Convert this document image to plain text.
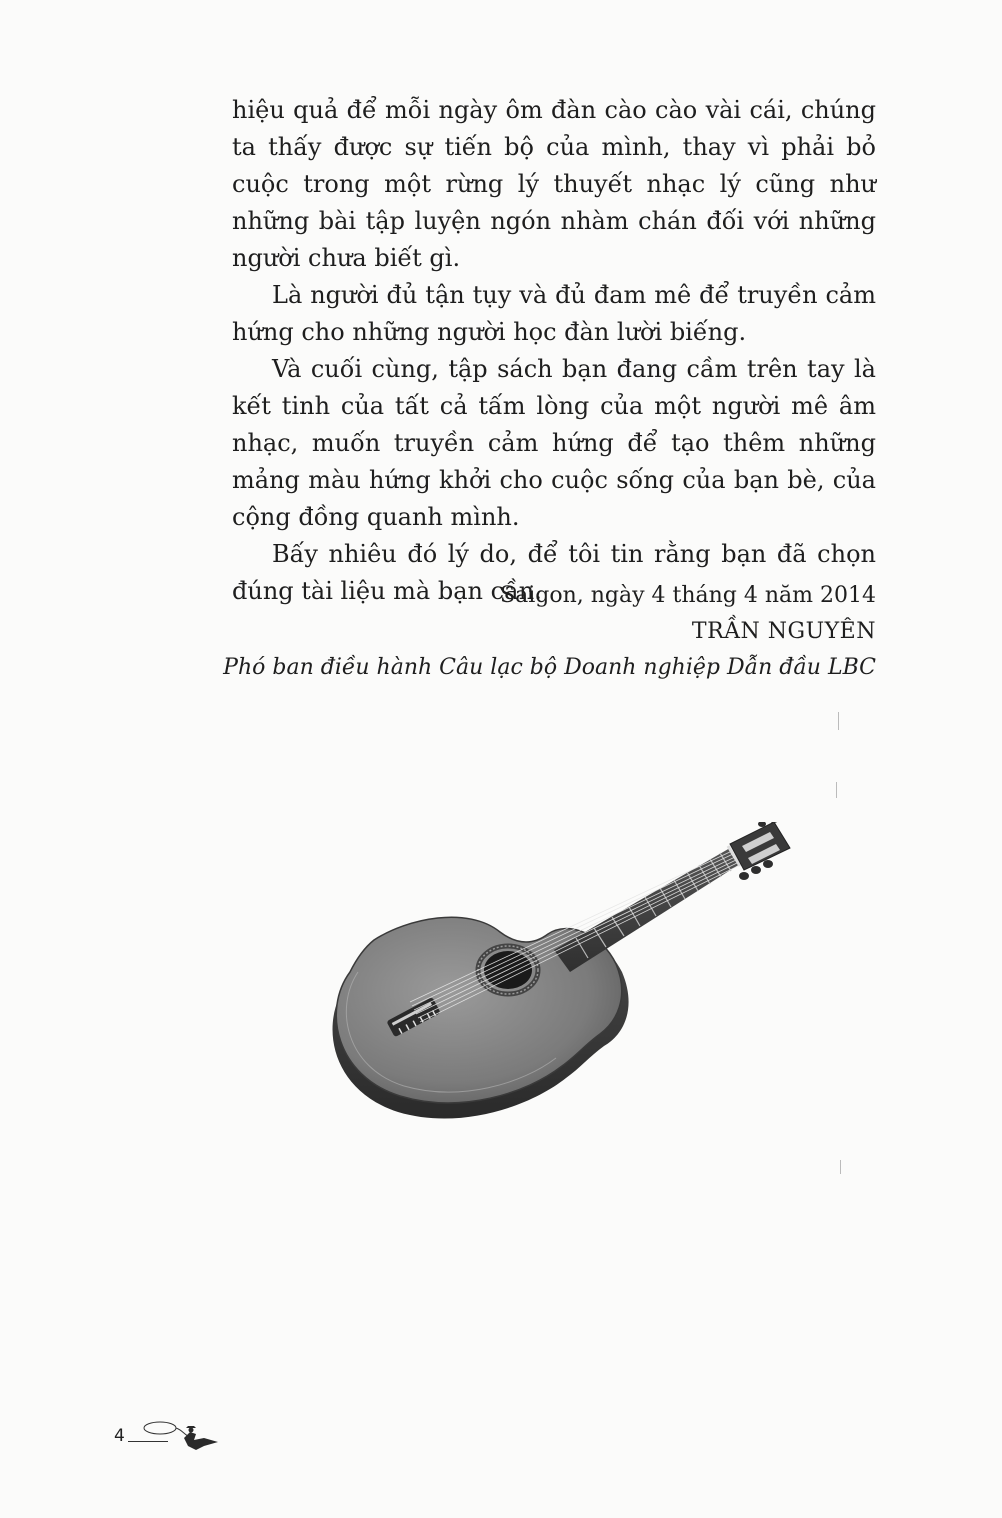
hiệu quả để mỗi ngày ôm đàn cào cào vài cái, chúng ta thấy được sự tiến bộ của mình, thay vì phải bỏ cuộc trong một rừng lý thuyết nhạc lý cũng như những bài tập luyện ngón nhàm chán đối với những người chưa biết gì.

Là người đủ tận tụy và đủ đam mê để truyền cảm hứng cho những người học đàn lười biếng.

Và cuối cùng, tập sách bạn đang cầm trên tay là kết tinh của tất cả tấm lòng của một người mê âm nhạc, muốn truyền cảm hứng để tạo thêm những mảng màu hứng khởi cho cuộc sống của bạn bè, của cộng đồng quanh mình.

Bấy nhiêu đó lý do, để tôi tin rằng bạn đã chọn đúng tài liệu mà bạn cần.

Saigon, ngày 4 tháng 4 năm 2014
TRẦN NGUYÊN
Phó ban điều hành Câu lạc bộ Doanh nghiệp Dẫn đầu LBC
4
